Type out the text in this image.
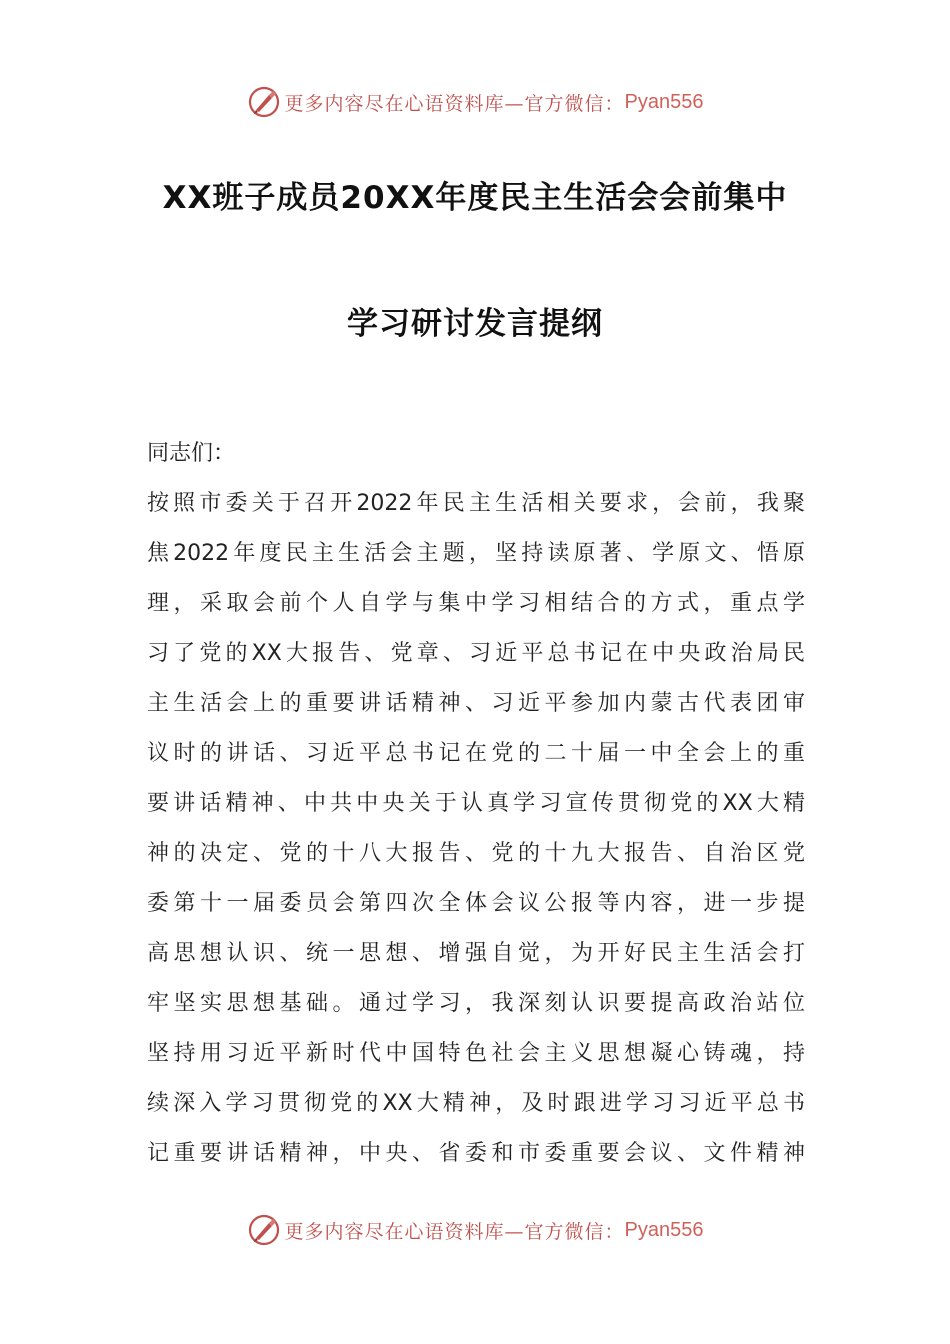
更多内容尽在心语资料库—官方微信： Pyan556
XX班子成员20XX年度民主生活会会前集中
学习研讨发言提纲
同志们：
按照市委关于召开2022年民主生活相关要求，会前，我聚
焦2022年度民主生活会主题，坚持读原著、学原文、悟原
理，采取会前个人自学与集中学习相结合的方式，重点学
习了党的XX大报告、党章、习近平总书记在中央政治局民
主生活会上的重要讲话精神、习近平参加内蒙古代表团审
议时的讲话、习近平总书记在党的二十届一中全会上的重
要讲话精神、中共中央关于认真学习宣传贯彻党的XX大精
神的决定、党的十八大报告、党的十九大报告、自治区党
委第十一届委员会第四次全体会议公报等内容，进一步提
高思想认识、统一思想、增强自觉，为开好民主生活会打
牢坚实思想基础。通过学习，我深刻认识要提高政治站位
坚持用习近平新时代中国特色社会主义思想凝心铸魂，持
续深入学习贯彻党的XX大精神，及时跟进学习习近平总书
记重要讲话精神，中央、省委和市委重要会议、文件精神
更多内容尽在心语资料库—官方微信： Pyan556
